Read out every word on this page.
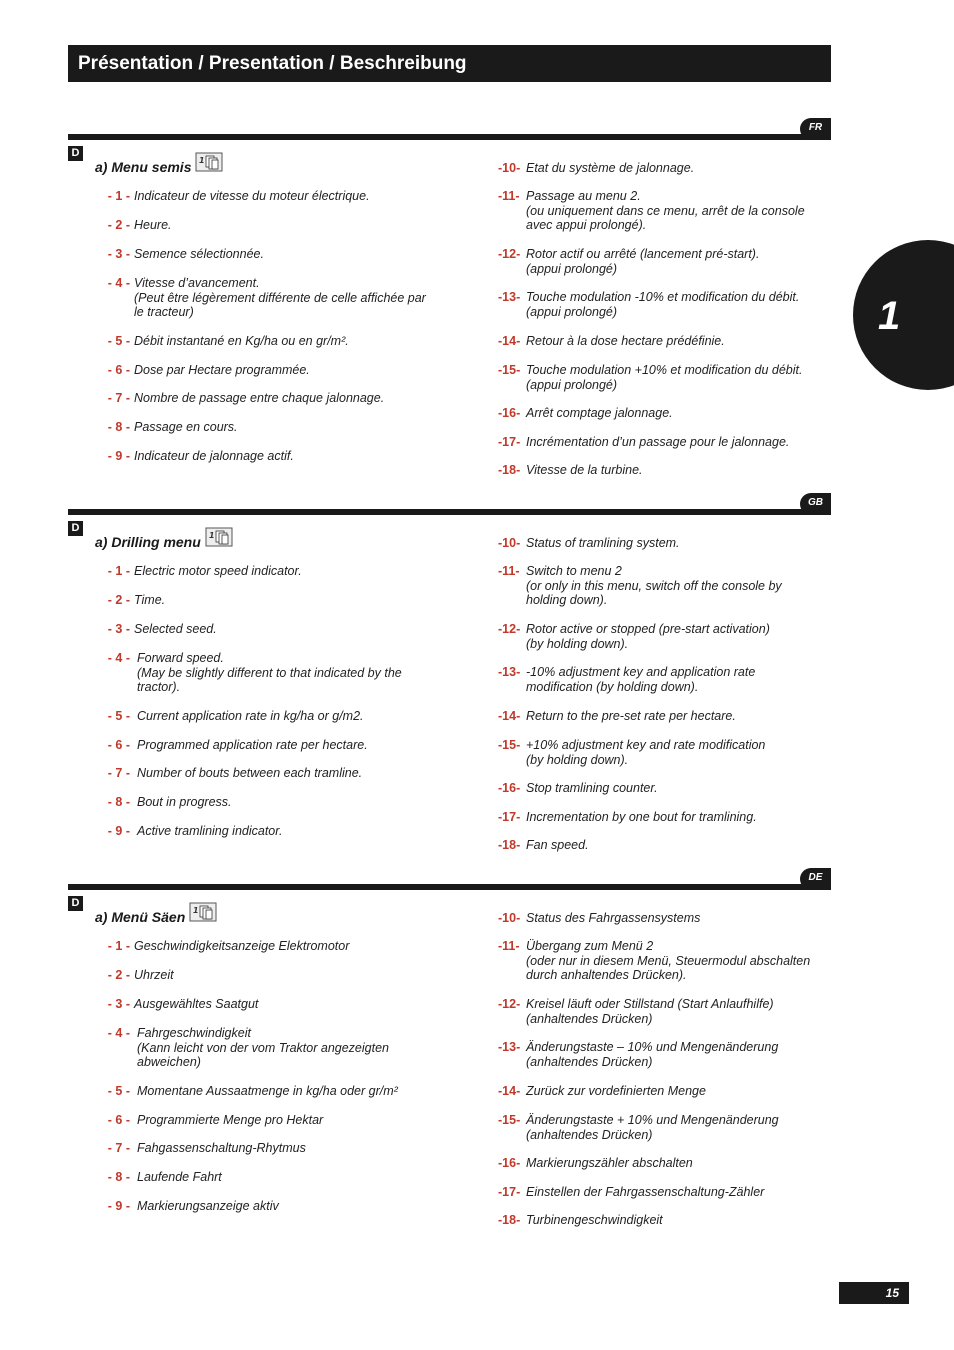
Présentation / Presentation / Beschreibung
1
FR
D
a) Menu semis 1
- 1 - Indicateur de vitesse du moteur électrique.
- 2 - Heure.
- 3 - Semence sélectionnée.
- 4 - Vitesse d’avancement.
(Peut être légèrement différente de celle affichée par
le tracteur)
- 5 - Débit instantané en Kg/ha ou en gr/m².
- 6 - Dose par Hectare programmée.
- 7 - Nombre de passage entre chaque jalonnage.
- 8 - Passage en cours.
- 9 - Indicateur de jalonnage actif.
-10- Etat du système de jalonnage.
-11- Passage au menu 2.
(ou uniquement dans ce menu, arrêt de la console
avec appui prolongé).
-12- Rotor actif ou arrêté (lancement pré-start).
(appui prolongé)
-13- Touche modulation -10% et modification du débit.
(appui prolongé)
-14- Retour à la dose hectare prédéfinie.
-15- Touche modulation +10% et modification du débit.
(appui prolongé)
-16- Arrêt comptage jalonnage.
-17- Incrémentation d’un passage pour le jalonnage.
-18- Vitesse de la turbine.
GB
D
a) Drilling menu 1
- 1 - Electric motor speed indicator.
- 2 - Time.
- 3 - Selected seed.
- 4 - Forward speed.
(May be slightly different to that indicated by the
tractor).
- 5 - Current application rate in kg/ha or g/m2.
- 6 - Programmed application rate per hectare.
- 7 - Number of bouts between each tramline.
- 8 - Bout in progress.
- 9 - Active tramlining indicator.
-10- Status of tramlining system.
-11- Switch to menu 2
(or only in this menu, switch off the console by
holding down).
-12- Rotor active or stopped (pre-start activation)
(by holding down).
-13- -10% adjustment key and application rate
modification (by holding down).
-14- Return to the pre-set rate per hectare.
-15- +10% adjustment key and rate modification
(by holding down).
-16- Stop tramlining counter.
-17- Incrementation by one bout for tramlining.
-18- Fan speed.
DE
D
a) Menü Säen 1
- 1 - Geschwindigkeitsanzeige Elektromotor
- 2 - Uhrzeit
- 3 - Ausgewähltes Saatgut
- 4 - Fahrgeschwindigkeit
(Kann leicht von der vom Traktor angezeigten
abweichen)
- 5 - Momentane Aussaatmenge in kg/ha oder gr/m²
- 6 - Programmierte Menge pro Hektar
- 7 - Fahgassenschaltung-Rhytmus
- 8 - Laufende Fahrt
- 9 - Markierungsanzeige aktiv
-10- Status des Fahrgassensystems
-11- Übergang zum Menü 2
(oder nur in diesem Menü, Steuermodul abschalten
durch anhaltendes Drücken).
-12- Kreisel läuft oder Stillstand (Start Anlaufhilfe)
(anhaltendes Drücken)
-13- Änderungstaste – 10% und Mengenänderung
(anhaltendes Drücken)
-14- Zurück zur vordefinierten Menge
-15- Änderungstaste + 10% und Mengenänderung
(anhaltendes Drücken)
-16- Markierungszähler abschalten
-17- Einstellen der Fahrgassenschaltung-Zähler
-18- Turbinengeschwindigkeit
15
